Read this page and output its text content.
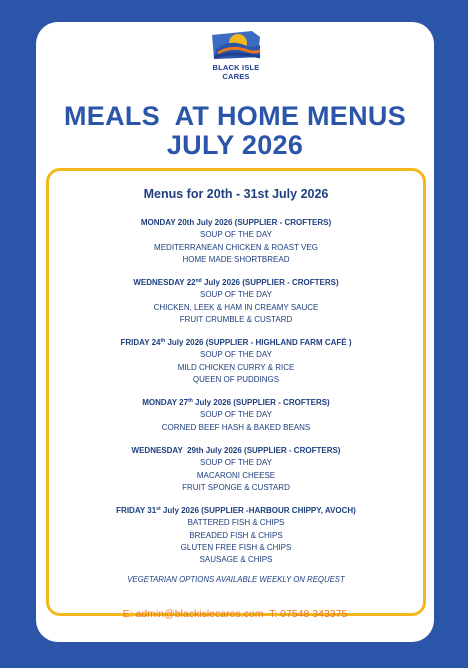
BLACK ISLE
CARES
MEALS  AT HOME MENUS
JULY 2026
Menus for 20th - 31st July 2026
MONDAY 20th July 2026 (SUPPLIER - CROFTERS)
SOUP OF THE DAY
MEDITERRANEAN CHICKEN & ROAST VEG
HOME MADE SHORTBREAD
WEDNESDAY 22nd July 2026 (SUPPLIER - CROFTERS)
SOUP OF THE DAY
CHICKEN, LEEK & HAM IN CREAMY SAUCE
FRUIT CRUMBLE & CUSTARD
FRIDAY 24th July 2026 (SUPPLIER - HIGHLAND FARM CAFÉ )
SOUP OF THE DAY
MILD CHICKEN CURRY & RICE
QUEEN OF PUDDINGS
MONDAY 27th July 2026 (SUPPLIER - CROFTERS)
SOUP OF THE DAY
CORNED BEEF HASH & BAKED BEANS
WEDNESDAY  29th July 2026 (SUPPLIER - CROFTERS)
SOUP OF THE DAY
MACARONI CHEESE
FRUIT SPONGE & CUSTARD
FRIDAY 31st July 2026 (SUPPLIER -HARBOUR CHIPPY, AVOCH)
BATTERED FISH & CHIPS
BREADED FISH & CHIPS
GLUTEN FREE FISH & CHIPS
SAUSAGE & CHIPS
VEGETARIAN OPTIONS AVAILABLE WEEKLY ON REQUEST
E: admin@blackislecares.com  T: 07548 343375
